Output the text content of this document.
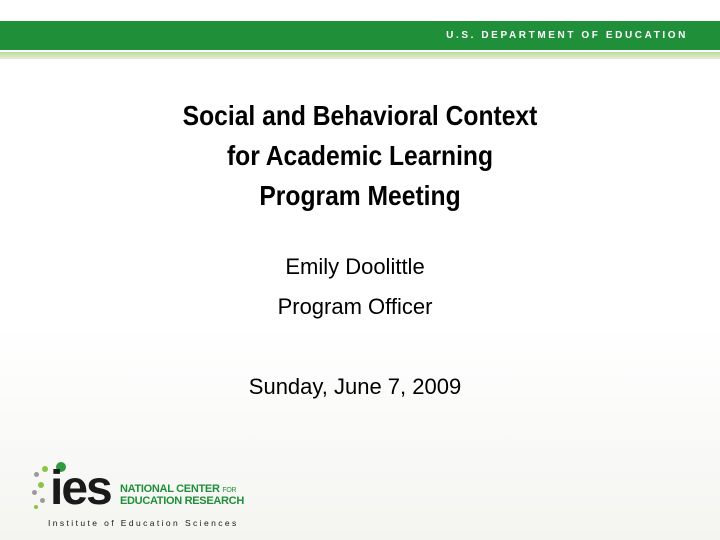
U.S. DEPARTMENT OF EDUCATION
Social and Behavioral Context
for Academic Learning
Program Meeting
Emily Doolittle
Program Officer
Sunday, June 7, 2009
ies NATIONAL CENTER FOR
EDUCATION RESEARCH
Institute of Education Sciences
